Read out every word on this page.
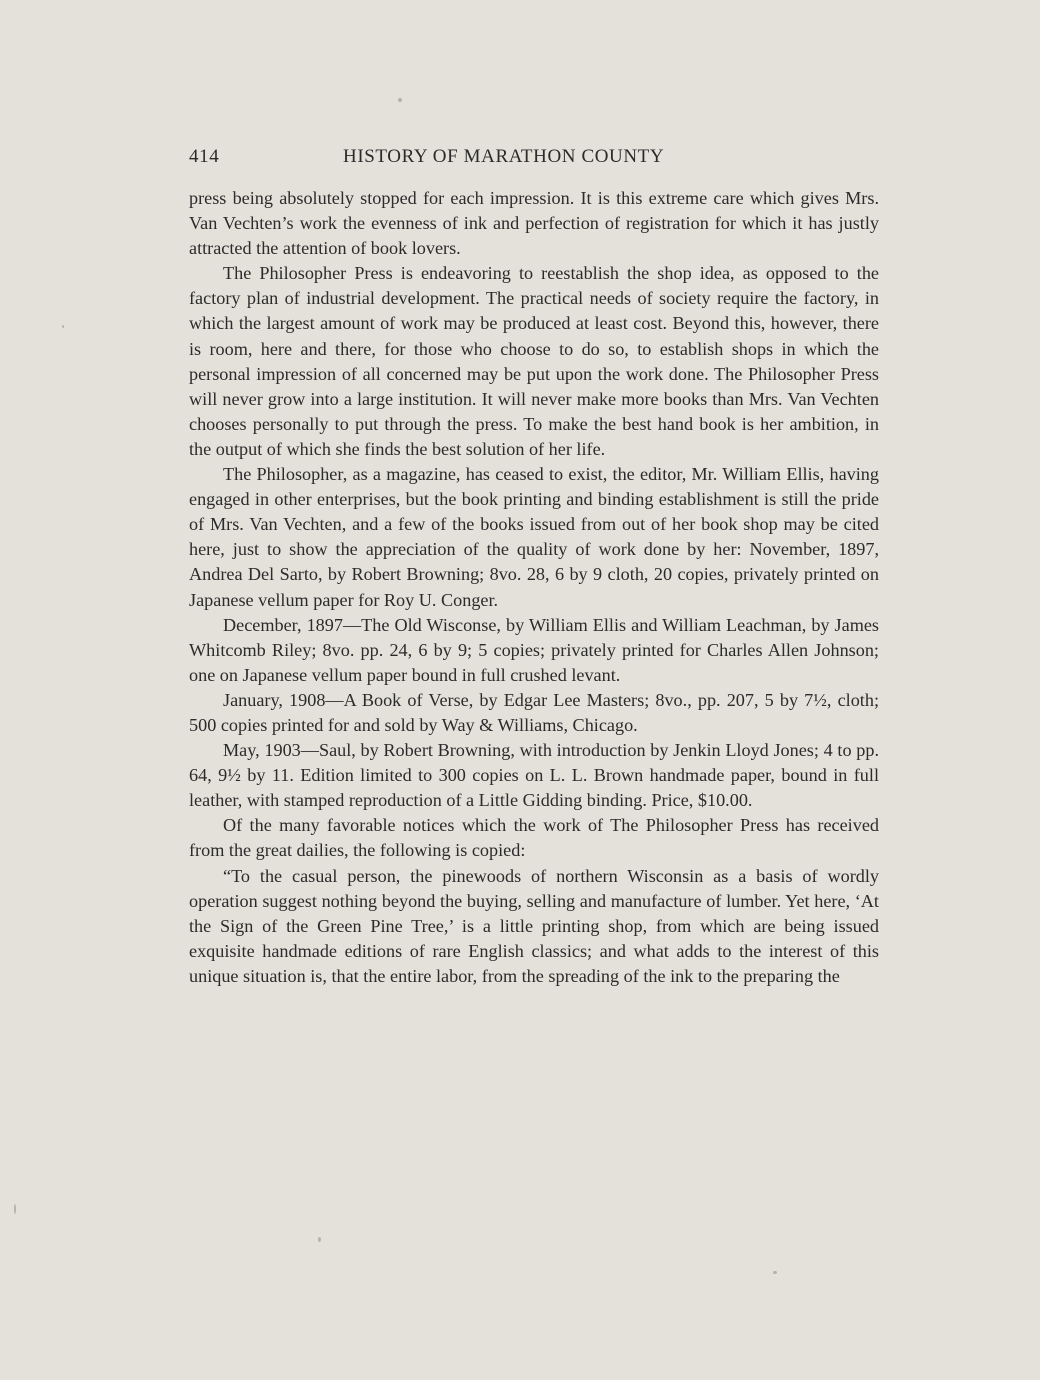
414	HISTORY OF MARATHON COUNTY

press being absolutely stopped for each impression. It is this extreme care which gives Mrs. Van Vechten’s work the evenness of ink and perfection of registration for which it has justly attracted the attention of book lovers.

The Philosopher Press is endeavoring to reestablish the shop idea, as opposed to the factory plan of industrial development. The practical needs of society require the factory, in which the largest amount of work may be produced at least cost. Beyond this, however, there is room, here and there, for those who choose to do so, to establish shops in which the personal impression of all concerned may be put upon the work done. The Philosopher Press will never grow into a large institution. It will never make more books than Mrs. Van Vechten chooses personally to put through the press. To make the best hand book is her ambition, in the output of which she finds the best solution of her life.

The Philosopher, as a magazine, has ceased to exist, the editor, Mr. William Ellis, having engaged in other enterprises, but the book printing and binding establishment is still the pride of Mrs. Van Vechten, and a few of the books issued from out of her book shop may be cited here, just to show the appreciation of the quality of work done by her: November, 1897, Andrea Del Sarto, by Robert Browning; 8vo. 28, 6 by 9 cloth, 20 copies, privately printed on Japanese vellum paper for Roy U. Conger.

December, 1897—The Old Wisconse, by William Ellis and William Leachman, by James Whitcomb Riley; 8vo. pp. 24, 6 by 9; 5 copies; privately printed for Charles Allen Johnson; one on Japanese vellum paper bound in full crushed levant.

January, 1908—A Book of Verse, by Edgar Lee Masters; 8vo., pp. 207, 5 by 7½, cloth; 500 copies printed for and sold by Way & Williams, Chicago.

May, 1903—Saul, by Robert Browning, with introduction by Jenkin Lloyd Jones; 4 to pp. 64, 9½ by 11. Edition limited to 300 copies on L. L. Brown handmade paper, bound in full leather, with stamped reproduction of a Little Gidding binding. Price, $10.00.

Of the many favorable notices which the work of The Philosopher Press has received from the great dailies, the following is copied:

“To the casual person, the pinewoods of northern Wisconsin as a basis of wordly operation suggest nothing beyond the buying, selling and manufacture of lumber. Yet here, ‘At the Sign of the Green Pine Tree,’ is a little printing shop, from which are being issued exquisite handmade editions of rare English classics; and what adds to the interest of this unique situation is, that the entire labor, from the spreading of the ink to the preparing the
